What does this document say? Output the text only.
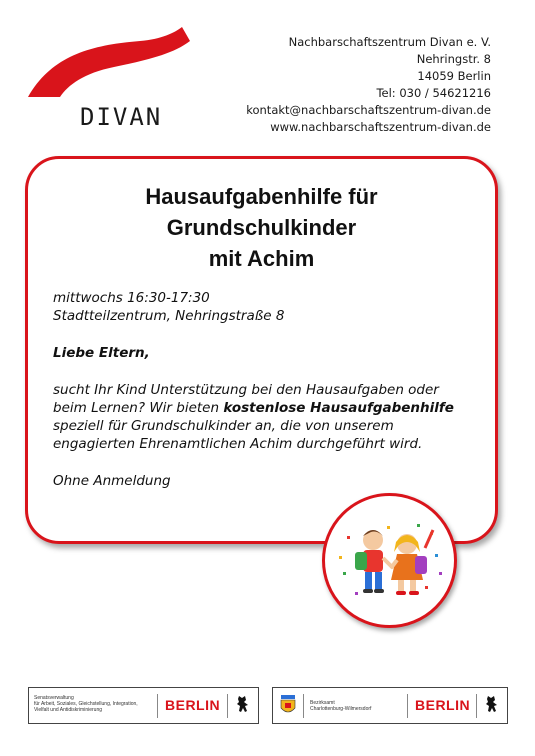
DIVAN
Nachbarschaftszentrum Divan e. V.
Nehringstr. 8
14059 Berlin
Tel: 030 / 54621216
kontakt@nachbarschaftszentrum-divan.de
www.nachbarschaftszentrum-divan.de
Hausaufgabenhilfe für
Grundschulkinder
mit Achim

mittwochs 16:30-17:30

Stadtteilzentrum, Nehringstraße 8

Liebe Eltern,

sucht Ihr Kind Unterstützung bei den Hausaufgaben oder beim Lernen? Wir bieten kostenlose Hausaufgabenhilfe speziell für Grundschulkinder an, die von unserem engagierten Ehrenamtlichen Achim durchgeführt wird.

Ohne Anmeldung

Senatsverwaltung
für Arbeit, Soziales, Gleichstellung, Integration,
Vielfalt und Antidiskriminierung	BERLIN	Bezirksamt
Charlottenburg-Wilmersdorf	BERLIN
